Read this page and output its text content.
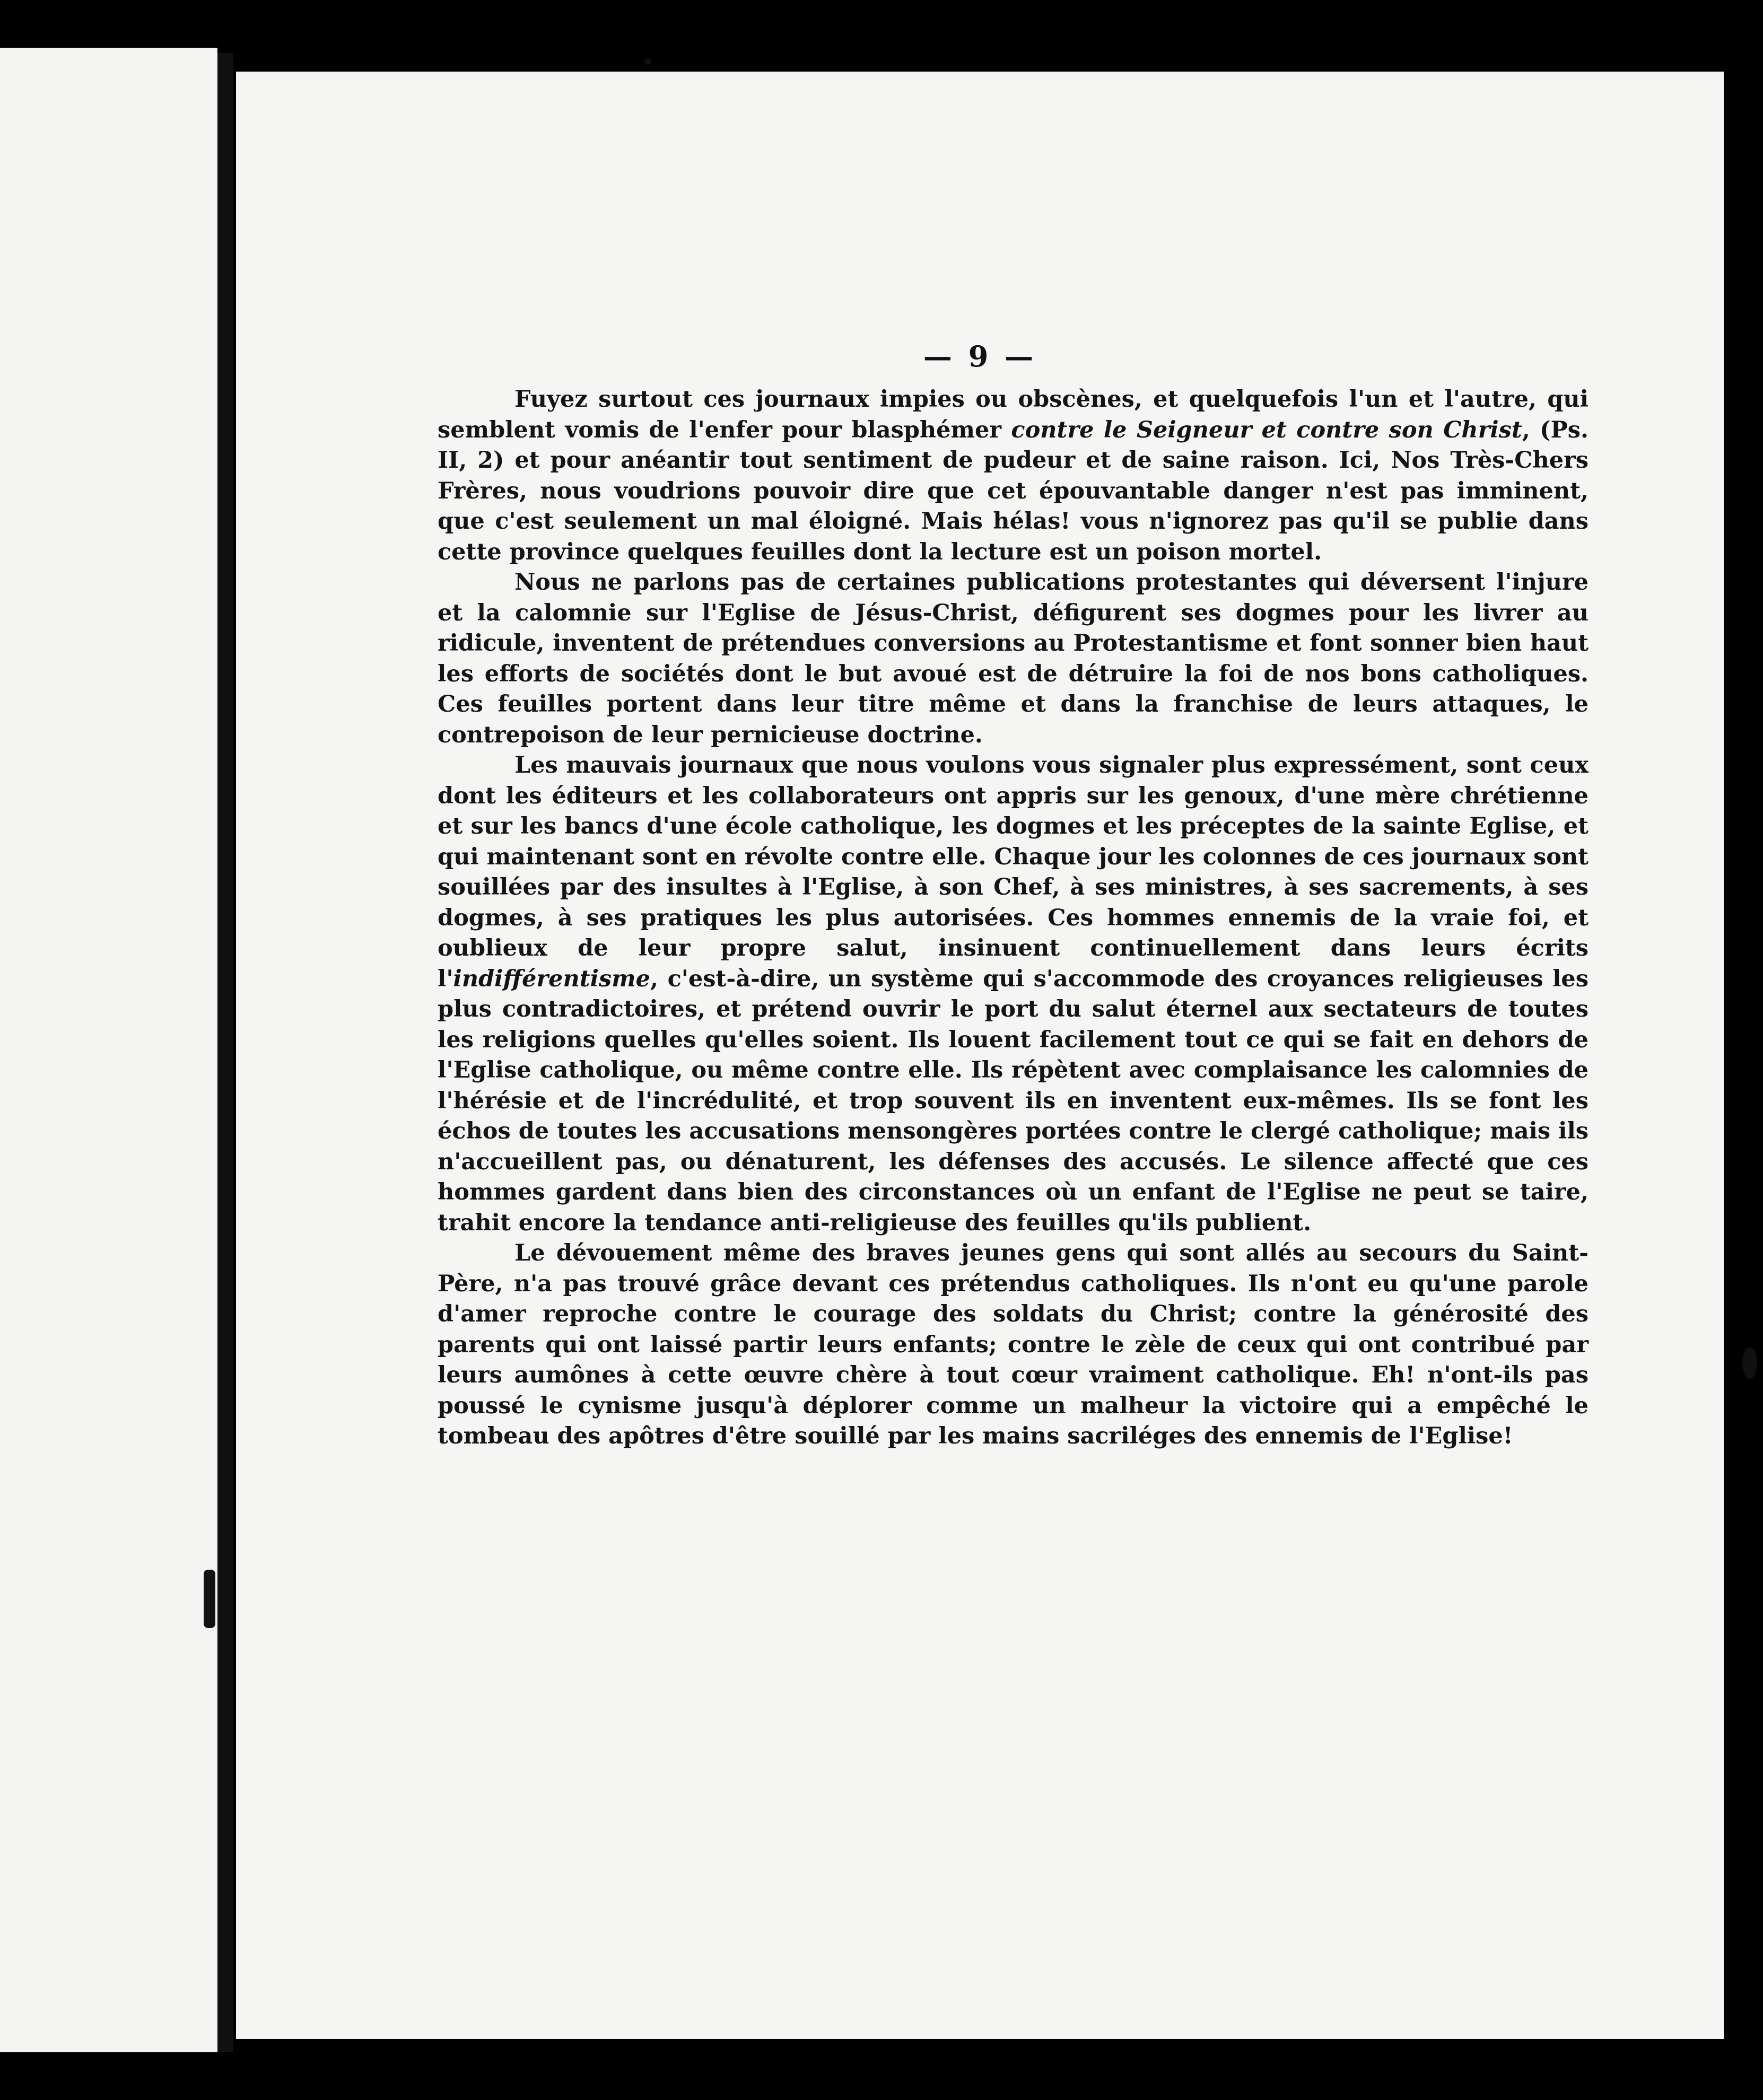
— 9 —

Fuyez surtout ces journaux impies ou obscènes, et quelquefois l'un et l'autre, qui semblent vomis de l'enfer pour blasphémer contre le Seigneur et contre son Christ, (Ps. II, 2) et pour anéantir tout sentiment de pudeur et de saine raison. Ici, Nos Très-Chers Frères, nous voudrions pouvoir dire que cet épouvantable danger n'est pas imminent, que c'est seulement un mal éloigné. Mais hélas! vous n'ignorez pas qu'il se publie dans cette province quelques feuilles dont la lecture est un poison mortel.

Nous ne parlons pas de certaines publications protestantes qui déversent l'injure et la calomnie sur l'Eglise de Jésus-Christ, défigurent ses dogmes pour les livrer au ridicule, inventent de prétendues conversions au Protestantisme et font sonner bien haut les efforts de sociétés dont le but avoué est de détruire la foi de nos bons catholiques. Ces feuilles portent dans leur titre même et dans la franchise de leurs attaques, le contrepoison de leur pernicieuse doctrine.

Les mauvais journaux que nous voulons vous signaler plus expressément, sont ceux dont les éditeurs et les collaborateurs ont appris sur les genoux, d'une mère chrétienne et sur les bancs d'une école catholique, les dogmes et les préceptes de la sainte Eglise, et qui maintenant sont en révolte contre elle. Chaque jour les colonnes de ces journaux sont souillées par des insultes à l'Eglise, à son Chef, à ses ministres, à ses sacrements, à ses dogmes, à ses pratiques les plus autorisées. Ces hommes ennemis de la vraie foi, et oublieux de leur propre salut, insinuent continuellement dans leurs écrits l'indifférentisme, c'est-à-dire, un système qui s'accommode des croyances religieuses les plus contradictoires, et prétend ouvrir le port du salut éternel aux sectateurs de toutes les religions quelles qu'elles soient. Ils louent facilement tout ce qui se fait en dehors de l'Eglise catholique, ou même contre elle. Ils répètent avec complaisance les calomnies de l'hérésie et de l'incrédulité, et trop souvent ils en inventent eux-mêmes. Ils se font les échos de toutes les accusations mensongères portées contre le clergé catholique; mais ils n'accueillent pas, ou dénaturent, les défenses des accusés. Le silence affecté que ces hommes gardent dans bien des circonstances où un enfant de l'Eglise ne peut se taire, trahit encore la tendance anti-religieuse des feuilles qu'ils publient.

Le dévouement même des braves jeunes gens qui sont allés au secours du Saint-Père, n'a pas trouvé grâce devant ces prétendus catholiques. Ils n'ont eu qu'une parole d'amer reproche contre le courage des soldats du Christ; contre la générosité des parents qui ont laissé partir leurs enfants; contre le zèle de ceux qui ont contribué par leurs aumônes à cette œuvre chère à tout cœur vraiment catholique. Eh! n'ont-ils pas poussé le cynisme jusqu'à déplorer comme un malheur la victoire qui a empêché le tombeau des apôtres d'être souillé par les mains sacriléges des ennemis de l'Eglise!
